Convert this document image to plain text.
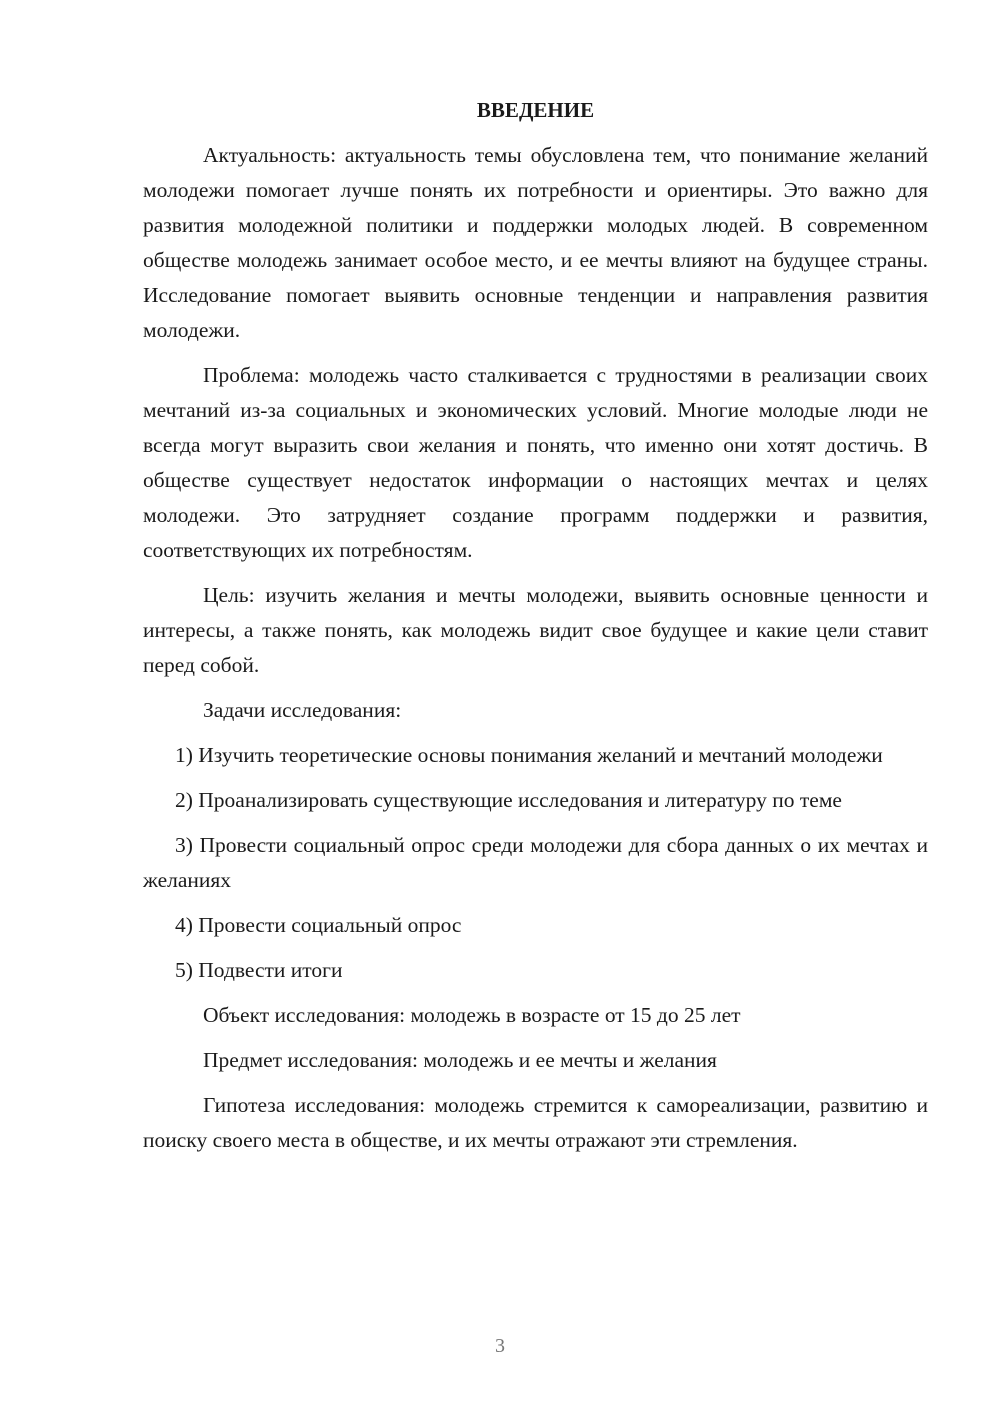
ВВЕДЕНИЕ

Актуальность: актуальность темы обусловлена тем, что понимание желаний молодежи помогает лучше понять их потребности и ориентиры. Это важно для развития молодежной политики и поддержки молодых людей. В современном обществе молодежь занимает особое место, и ее мечты влияют на будущее страны. Исследование помогает выявить основные тенденции и направления развития молодежи.

Проблема: молодежь часто сталкивается с трудностями в реализации своих мечтаний из-за социальных и экономических условий. Многие молодые люди не всегда могут выразить свои желания и понять, что именно они хотят достичь. В обществе существует недостаток информации о настоящих мечтах и целях молодежи. Это затрудняет создание программ поддержки и развития, соответствующих их потребностям.

Цель: изучить желания и мечты молодежи, выявить основные ценности и интересы, а также понять, как молодежь видит свое будущее и какие цели ставит перед собой.

Задачи исследования:

1) Изучить теоретические основы понимания желаний и мечтаний молодежи

2) Проанализировать существующие исследования и литературу по теме

3) Провести социальный опрос среди молодежи для сбора данных о их мечтах и желаниях

4) Провести социальный опрос

5) Подвести итоги

Объект исследования: молодежь в возрасте от 15 до 25 лет

Предмет исследования: молодежь и ее мечты и желания

Гипотеза исследования: молодежь стремится к самореализации, развитию и поиску своего места в обществе, и их мечты отражают эти стремления.

3
